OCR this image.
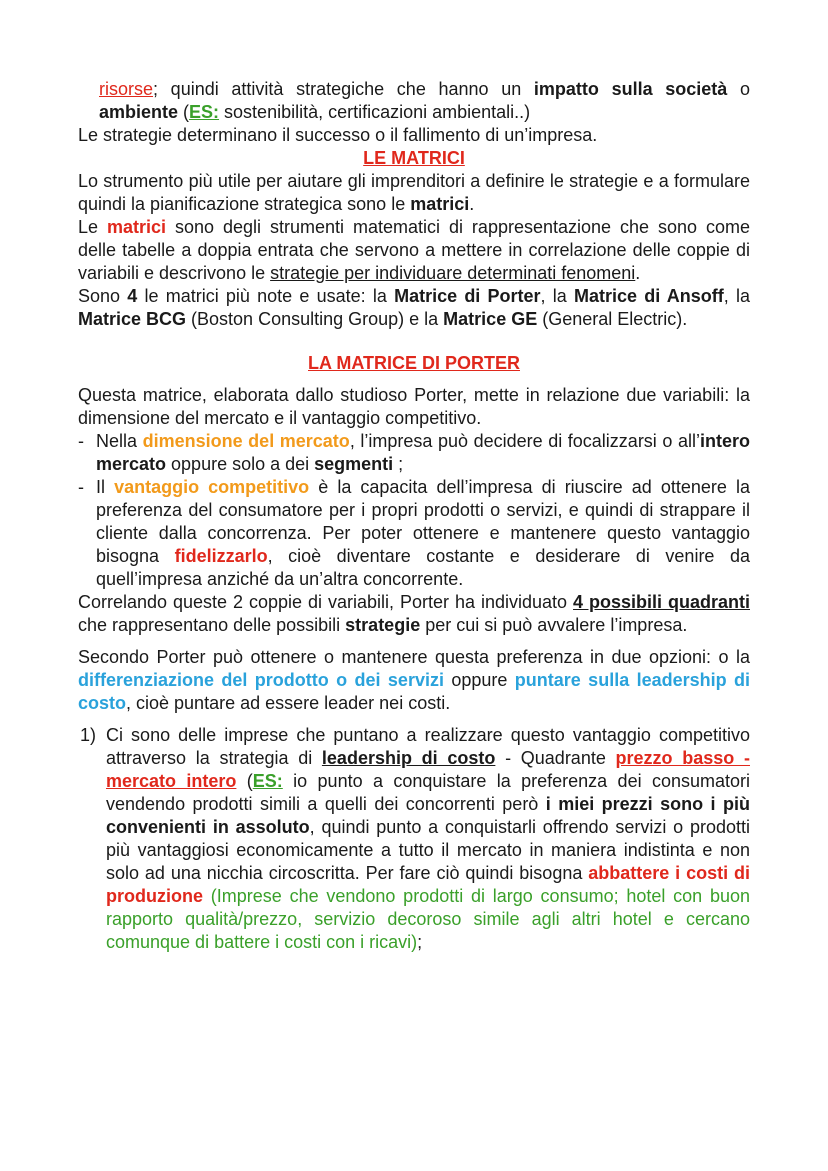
risorse; quindi attività strategiche che hanno un impatto sulla società o ambiente (ES: sostenibilità, certificazioni ambientali..)

Le strategie determinano il successo o il fallimento di un’impresa.

LE MATRICI

Lo strumento più utile per aiutare gli imprenditori a definire le strategie e a formulare quindi la pianificazione strategica sono le matrici.

Le matrici sono degli strumenti matematici di rappresentazione che sono come delle tabelle a doppia entrata che servono a mettere in correlazione delle coppie di variabili e descrivono le strategie per individuare determinati fenomeni.

Sono 4 le matrici più note e usate: la Matrice di Porter, la Matrice di Ansoff, la Matrice BCG (Boston Consulting Group) e la Matrice GE (General Electric).

LA MATRICE DI PORTER

Questa matrice, elaborata dallo studioso Porter, mette in relazione due variabili: la dimensione del mercato e il vantaggio competitivo.

- Nella dimensione del mercato, l’impresa può decidere di focalizzarsi o all’intero mercato oppure solo a dei segmenti ;

- Il vantaggio competitivo è la capacita dell’impresa di riuscire ad ottenere la preferenza del consumatore per i propri prodotti o servizi, e quindi di strappare il cliente dalla concorrenza. Per poter ottenere e mantenere questo vantaggio bisogna fidelizzarlo, cioè diventare costante e desiderare di venire da quell’impresa anziché da un’altra concorrente.

Correlando queste 2 coppie di variabili, Porter ha individuato 4 possibili quadranti che rappresentano delle possibili strategie per cui si può avvalere l’impresa.

Secondo Porter può ottenere o mantenere questa preferenza in due opzioni: o la differenziazione del prodotto o dei servizi oppure puntare sulla leadership di costo, cioè puntare ad essere leader nei costi.

1) Ci sono delle imprese che puntano a realizzare questo vantaggio competitivo attraverso la strategia di leadership di costo - Quadrante prezzo basso - mercato intero (ES: io punto a conquistare la preferenza dei consumatori vendendo prodotti simili a quelli dei concorrenti però i miei prezzi sono i più convenienti in assoluto, quindi punto a conquistarli offrendo servizi o prodotti più vantaggiosi economicamente a tutto il mercato in maniera indistinta e non solo ad una nicchia circoscritta. Per fare ciò quindi bisogna abbattere i costi di produzione (Imprese che vendono prodotti di largo consumo; hotel con buon rapporto qualità/prezzo, servizio decoroso simile agli altri hotel e cercano comunque di battere i costi con i ricavi);
